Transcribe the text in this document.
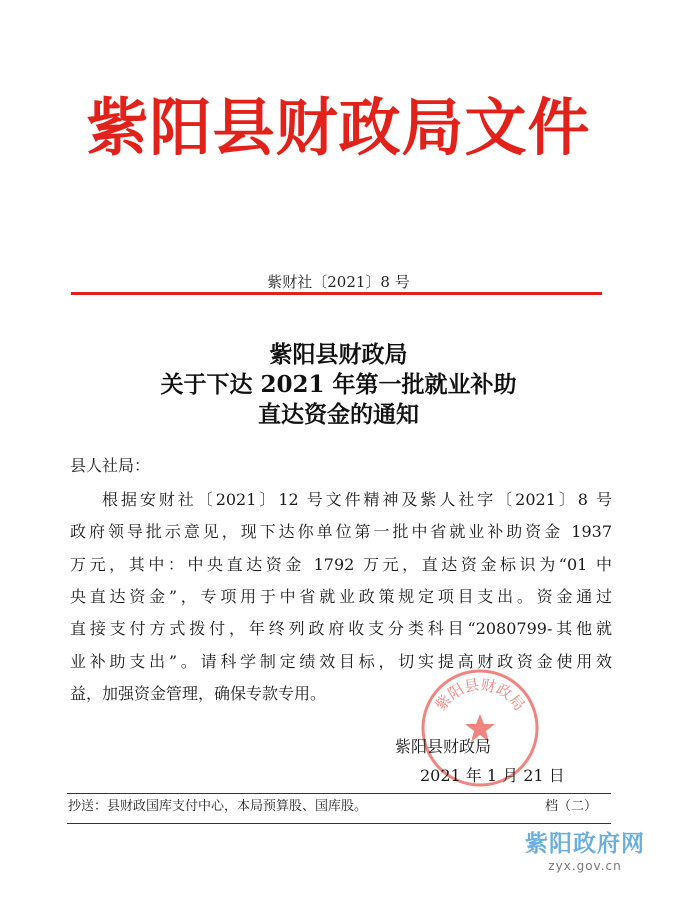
紫阳县财政局文件
紫财社〔2021〕8 号
紫阳县财政局
关于下达 2021 年第一批就业补助
直达资金的通知
县人社局：
根据安财社〔2021〕12 号文件精神及紫人社字〔2021〕8 号
政府领导批示意见，现下达你单位第一批中省就业补助资金 1937
万元，其中：中央直达资金 1792 万元，直达资金标识为“01 中
央直达资金”，专项用于中省就业政策规定项目支出。资金通过
直接支付方式拨付，年终列政府收支分类科目“2080799-其他就
业补助支出”。请科学制定绩效目标，切实提高财政资金使用效
益，加强资金管理，确保专款专用。	紫阳县财政局
紫阳县财政局
2021 年 1 月 21 日
抄送：县财政国库支付中心，本局预算股、国库股。	档（二）
紫阳政府网
zyx.gov.cn
